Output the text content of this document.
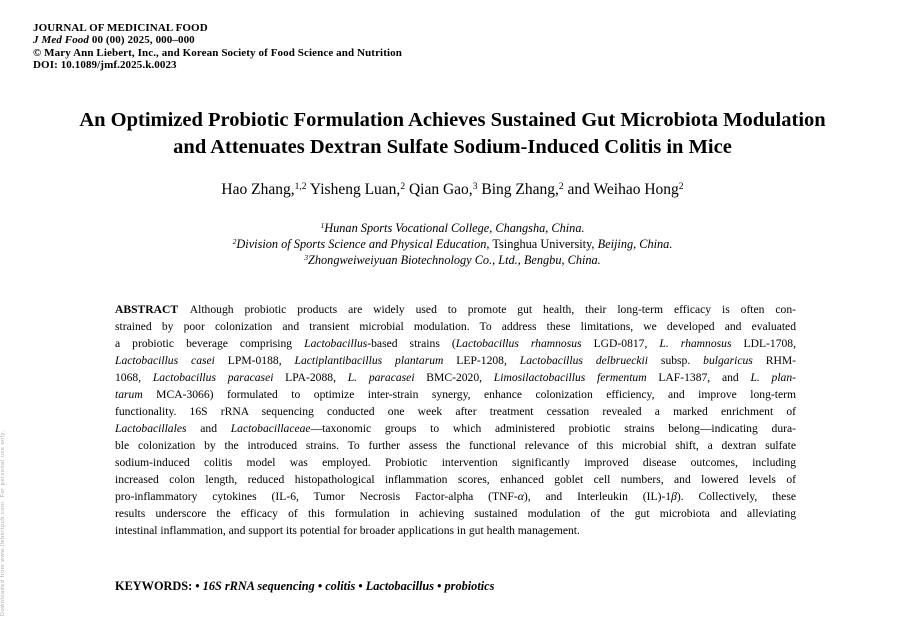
Downloaded from www.liebertpub.com. For personal use only.
JOURNAL OF MEDICINAL FOOD
J Med Food 00 (00) 2025, 000–000
© Mary Ann Liebert, Inc., and Korean Society of Food Science and Nutrition
DOI: 10.1089/jmf.2025.k.0023
An Optimized Probiotic Formulation Achieves Sustained Gut Microbiota Modulation
and Attenuates Dextran Sulfate Sodium-Induced Colitis in Mice
Hao Zhang,$^{1,2}$ Yisheng Luan,$^2$ Qian Gao,$^3$ Bing Zhang,$^2$ and Weihao Hong$^2$
$^1$Hunan Sports Vocational College, Changsha, China.
$^2$Division of Sports Science and Physical Education, Tsinghua University, Beijing, China.
$^3$Zhongweiweiyuan Biotechnology Co., Ltd., Bengbu, China.
ABSTRACT Although probiotic products are widely used to promote gut health, their long-term efficacy is often con-
strained by poor colonization and transient microbial modulation. To address these limitations, we developed and evaluated
a probiotic beverage comprising Lactobacillus-based strains (Lactobacillus rhamnosus LGD-0817, L. rhamnosus LDL-1708,
Lactobacillus casei LPM-0188, Lactiplantibacillus plantarum LEP-1208, Lactobacillus delbrueckii subsp. bulgaricus RHM-
1068, Lactobacillus paracasei LPA-2088, L. paracasei BMC-2020, Limosilactobacillus fermentum LAF-1387, and L. plan-
tarum MCA-3066) formulated to optimize inter-strain synergy, enhance colonization efficiency, and improve long-term
functionality. 16S rRNA sequencing conducted one week after treatment cessation revealed a marked enrichment of
Lactobacillales and Lactobacillaceae—taxonomic groups to which administered probiotic strains belong—indicating dura-
ble colonization by the introduced strains. To further assess the functional relevance of this microbial shift, a dextran sulfate
sodium-induced colitis model was employed. Probiotic intervention significantly improved disease outcomes, including
increased colon length, reduced histopathological inflammation scores, enhanced goblet cell numbers, and lowered levels of
pro-inflammatory cytokines (IL-6, Tumor Necrosis Factor-alpha (TNF-α), and Interleukin (IL)-1β). Collectively, these
results underscore the efficacy of this formulation in achieving sustained modulation of the gut microbiota and alleviating
intestinal inflammation, and support its potential for broader applications in gut health management.
KEYWORDS: • 16S rRNA sequencing • colitis • Lactobacillus • probiotics
